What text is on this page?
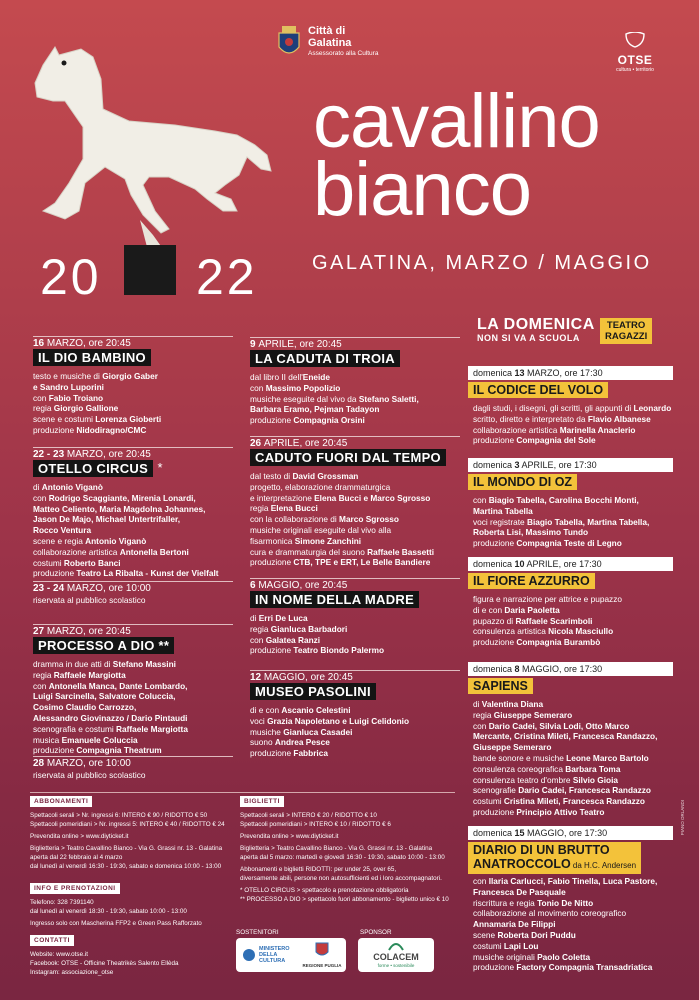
Città di
Galatina
Assessorato alla Cultura	OTSE
cultura • territorio
cavallino
bianco
20 22	GALATINA, MARZO / MAGGIO
16 MARZO, ore 20:45
IL DIO BAMBINO
testo e musiche di Giorgio Gaber
e Sandro Luporini
con Fabio Troiano
regia Giorgio Gallione
scene e costumi Lorenza Gioberti
produzione Nidodiragno/CMC
22 - 23 MARZO, ore 20:45
OTELLO CIRCUS *
di Antonio Viganò
con Rodrigo Scaggiante, Mirenia Lonardi,
Matteo Celiento, Maria Magdolna Johannes,
Jason De Majo, Michael Untertrifaller,
Rocco Ventura
scene e regia Antonio Viganò
collaborazione artistica Antonella Bertoni
costumi Roberto Banci
produzione Teatro La Ribalta - Kunst der Vielfalt
23 - 24 MARZO, ore 10:00
riservata al pubblico scolastico
27 MARZO, ore 20:45
PROCESSO A DIO **
dramma in due atti di Stefano Massini
regia Raffaele Margiotta
con Antonella Manca, Dante Lombardo,
Luigi Sarcinella, Salvatore Coluccia,
Cosimo Claudio Carrozzo,
Alessandro Giovinazzo / Dario Pintaudi
scenografia e costumi Raffaele Margiotta
musica Emanuele Coluccia
produzione Compagnia Theatrum
28 MARZO, ore 10:00
riservata al pubblico scolastico
9 APRILE, ore 20:45
LA CADUTA DI TROIA
dal libro II dell'Eneide
con Massimo Popolizio
musiche eseguite dal vivo da Stefano Saletti,
Barbara Eramo, Pejman Tadayon
produzione Compagnia Orsini
26 APRILE, ore 20:45
CADUTO FUORI DAL TEMPO
dal testo di David Grossman
progetto, elaborazione drammaturgica
e interpretazione Elena Bucci e Marco Sgrosso
regia Elena Bucci
con la collaborazione di Marco Sgrosso
musiche originali eseguite dal vivo alla
fisarmonica Simone Zanchini
cura e drammaturgia del suono Raffaele Bassetti
produzione CTB, TPE e ERT, Le Belle Bandiere
6 MAGGIO, ore 20:45
IN NOME DELLA MADRE
di Erri De Luca
regia Gianluca Barbadori
con Galatea Ranzi
produzione Teatro Biondo Palermo
12 MAGGIO, ore 20:45
MUSEO PASOLINI
di e con Ascanio Celestini
voci Grazia Napoletano e Luigi Celidonio
musiche Gianluca Casadei
suono Andrea Pesce
produzione Fabbrica
LA DOMENICA
NON SI VA A SCUOLA
TEATRO
RAGAZZI
domenica 13 MARZO, ore 17:30
IL CODICE DEL VOLO
dagli studi, i disegni, gli scritti, gli appunti di Leonardo
scritto, diretto e interpretato da Flavio Albanese
collaborazione artistica Marinella Anaclerio
produzione Compagnia del Sole
domenica 3 APRILE, ore 17:30
IL MONDO DI OZ
con Biagio Tabella, Carolina Bocchi Monti,
Martina Tabella
voci registrate Biagio Tabella, Martina Tabella,
Roberta Lisi, Massimo Tundo
produzione Compagnia Teste di Legno
domenica 10 APRILE, ore 17:30
IL FIORE AZZURRO
figura e narrazione per attrice e pupazzo
di e con Daria Paoletta
pupazzo di Raffaele Scarimboli
consulenza artistica Nicola Masciullo
produzione Compagnia Burambò
domenica 8 MAGGIO, ore 17:30
SAPIENS
di Valentina Diana
regia Giuseppe Semeraro
con Dario Cadei, Silvia Lodi, Otto Marco
Mercante, Cristina Mileti, Francesca Randazzo,
Giuseppe Semeraro
bande sonore e musiche Leone Marco Bartolo
consulenza coreografica Barbara Toma
consulenza teatro d'ombre Silvio Gioia
scenografie Dario Cadei, Francesca Randazzo
costumi Cristina Mileti, Francesca Randazzo
produzione Principio Attivo Teatro
domenica 15 MAGGIO, ore 17:30
DIARIO DI UN BRUTTO
ANATROCCOLO da H.C. Andersen
con Ilaria Carlucci, Fabio Tinella, Luca Pastore,
Francesca De Pasquale
riscrittura e regia Tonio De Nitto
collaborazione al movimento coreografico
Annamaria De Filippi
scene Roberta Dori Puddu
costumi Lapi Lou
musiche originali Paolo Coletta
produzione Factory Compagnia Transadriatica
ABBONAMENTI
Spettacoli serali > Nr. ingressi 6: INTERO € 90 / RIDOTTO € 50
Spettacoli pomeridiani > Nr. ingressi 5: INTERO € 40 / RIDOTTO € 24
Prevendita online > www.diyticket.it
Biglietteria > Teatro Cavallino Bianco - Via G. Grassi nr. 13 - Galatina
aperta dal 22 febbraio al 4 marzo
dal lunedì al venerdì 16:30 - 19:30, sabato e domenica 10:00 - 13:00
BIGLIETTI
Spettacoli serali > INTERO € 20 / RIDOTTO € 10
Spettacoli pomeridiani > INTERO € 10 / RIDOTTO € 6
Prevendita online > www.diyticket.it
Biglietteria > Teatro Cavallino Bianco - Via G. Grassi nr. 13 - Galatina
aperta dal 5 marzo: martedì e giovedì 16:30 - 19:30, sabato 10:00 - 13:00
Abbonamenti e biglietti RIDOTTI: per under 25, over 65,
diversamente abili, persone non autosufficienti ed i loro accompagnatori.
* OTELLO CIRCUS > spettacolo a prenotazione obbligatoria
** PROCESSO A DIO > spettacolo fuori abbonamento - biglietto unico € 10
INFO E PRENOTAZIONI
Telefono: 328 7391140
dal lunedì al venerdì 18:30 - 19:30, sabato 10:00 - 13:00
Ingresso solo con Mascherina FFP2 e Green Pass Rafforzato
CONTATTI
Website: www.otse.it
Facebook: OTSE - Officine Theatrikès Salento Ellèda
Instagram: associazione_otse
SOSTENITORI
MINISTERO DELLA CULTURA
REGIONE PUGLIA
SPONSOR
COLACEM
forme • sostenibile
PIANO ORLANDI
